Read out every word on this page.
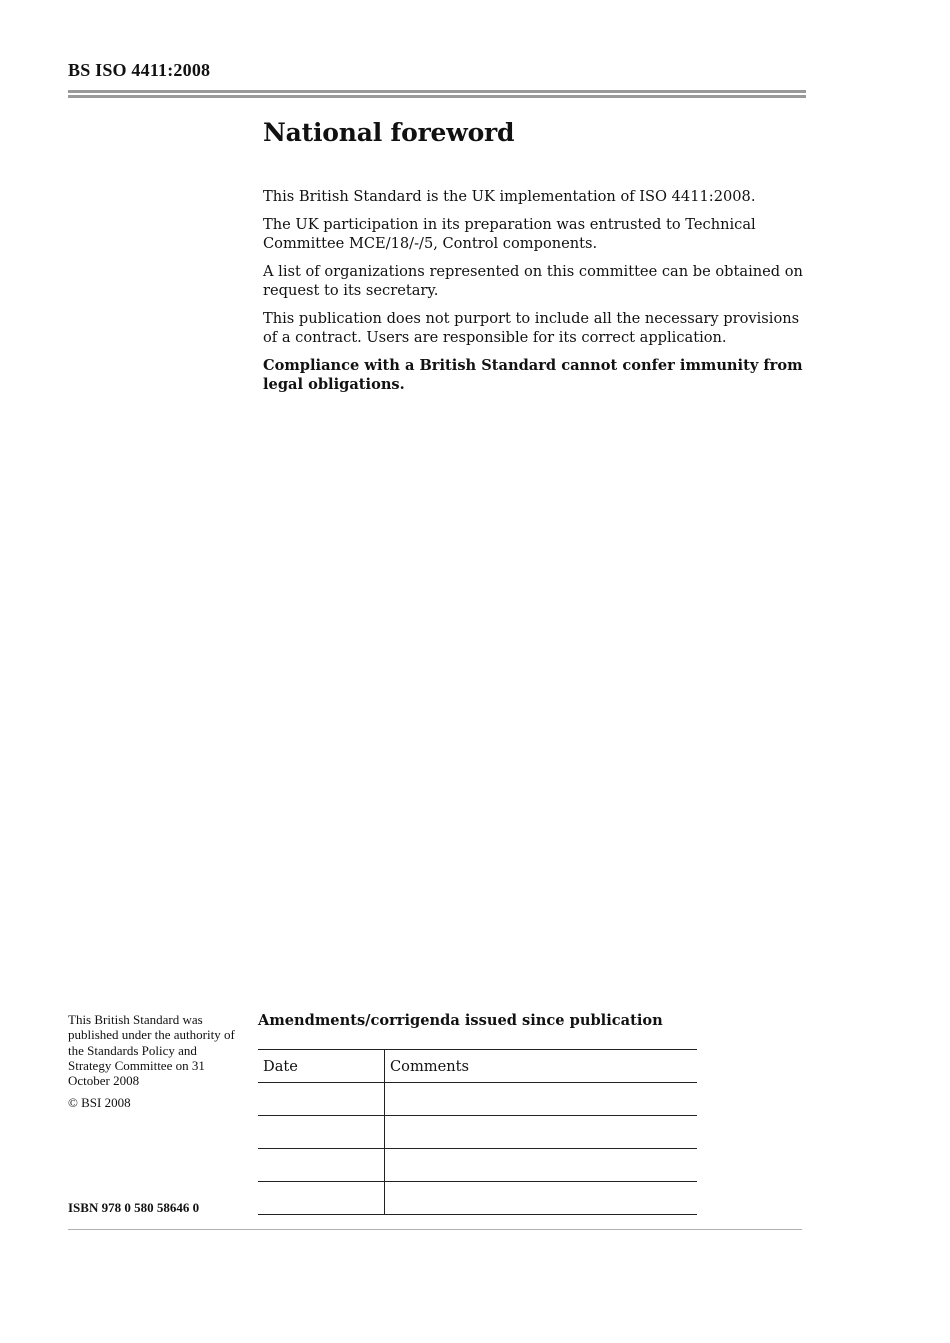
BS ISO 4411:2008
National foreword

This British Standard is the UK implementation of ISO 4411:2008.

The UK participation in its preparation was entrusted to Technical Committee MCE/18/-/5, Control components.

A list of organizations represented on this committee can be obtained on request to its secretary.

This publication does not purport to include all the necessary provisions of a contract. Users are responsible for its correct application.

Compliance with a British Standard cannot confer immunity from legal obligations.

This British Standard was published under the authority of the Standards Policy and Strategy Committee on 31 October 2008

© BSI 2008

ISBN 978 0 580 58646 0
Amendments/corrigenda issued since publication
Date	Comments
